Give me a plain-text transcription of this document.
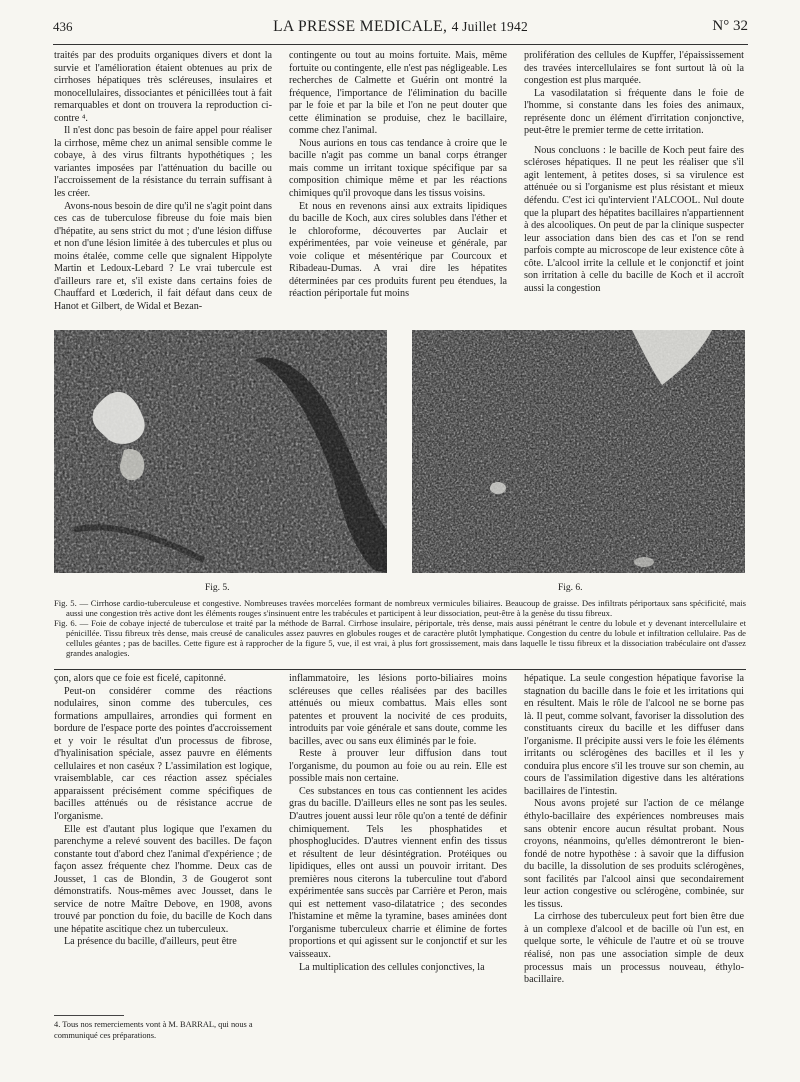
436	LA PRESSE MEDICALE, 4 Juillet 1942	N° 32

traités par des produits organiques divers et dont la survie et l'amélioration étaient obtenues au prix de cirrhoses hépatiques très scléreuses, insulaires et monocellulaires, dissociantes et pénicillées tout à fait remarquables et dont on trouvera la reproduction ci-contre ⁴.

Il n'est donc pas besoin de faire appel pour réaliser la cirrhose, même chez un animal sensible comme le cobaye, à des virus filtrants hypothétiques ; les variantes imposées par l'atténuation du bacille ou l'accroissement de la résistance du terrain suffisant à les créer.

Avons-nous besoin de dire qu'il ne s'agit point dans ces cas de tuberculose fibreuse du foie mais bien d'hépatite, au sens strict du mot ; d'une lésion diffuse et non d'une lésion limitée à des tubercules et plus ou moins étalée, comme celle que signalent Hippolyte Martin et Ledoux-Lebard ? Le vrai tubercule est d'ailleurs rare et, s'il existe dans certains foies de Chauffard et Lœderich, il fait défaut dans ceux de Hanot et Gilbert, de Widal et Bezan-

contingente ou tout au moins fortuite. Mais, même fortuite ou contingente, elle n'est pas négligeable. Les recherches de Calmette et Guérin ont montré la fréquence, l'importance de l'élimination du bacille par le foie et par la bile et l'on ne peut douter que cette élimination se produise, chez le bacillaire, comme chez l'animal.

Nous aurions en tous cas tendance à croire que le bacille n'agit pas comme un banal corps étranger mais comme un irritant toxique spécifique par sa composition chimique même et par les réactions chimiques qu'il provoque dans les tissus voisins.

Et nous en revenons ainsi aux extraits lipidiques du bacille de Koch, aux cires solubles dans l'éther et le chloroforme, découvertes par Auclair et expérimentées, par voie veineuse et générale, par voie colique et mésentérique par Courcoux et Ribadeau-Dumas. A vrai dire les hépatites déterminées par ces produits furent peu étendues, la réaction périportale fut moins

prolifération des cellules de Kupffer, l'épaississement des travées intercellulaires se font surtout là où la congestion est plus marquée.

La vasodilatation si fréquente dans le foie de l'homme, si constante dans les foies des animaux, représente donc un élément d'irritation conjonctive, peut-être le premier terme de cette irritation.

Nous concluons : le bacille de Koch peut faire des scléroses hépatiques. Il ne peut les réaliser que s'il agit lentement, à petites doses, si sa virulence est atténuée ou si l'organisme est plus résistant et mieux défendu. C'est ici qu'intervient l'ALCOOL. Nul doute que la plupart des hépatites bacillaires n'appartiennent à des alcooliques. On peut de par la clinique suspecter leur association dans bien des cas et l'on se rend parfois compte au microscope de leur existence côte à côte. L'alcool irrite la cellule et le conjonctif et joint son irritation à celle du bacille de Koch et il accroît aussi la congestion

Fig. 5.	Fig. 6.

Fig. 5. — Cirrhose cardio-tuberculeuse et congestive. Nombreuses travées morcelées formant de nombreux vermicules biliaires. Beaucoup de graisse. Des infiltrats périportaux sans spécificité, mais aussi une congestion très active dont les éléments rouges s'insinuent entre les trabécules et participent à leur dissociation, peut-être à la genèse du tissu fibreux.

Fig. 6. — Foie de cobaye injecté de tuberculose et traité par la méthode de Barral. Cirrhose insulaire, périportale, très dense, mais aussi pénétrant le centre du lobule et y devenant intercellulaire et pénicillée. Tissu fibreux très dense, mais creusé de canalicules assez pauvres en globules rouges et de caractère plutôt lymphatique. Congestion du centre du lobule et infiltration cellulaire. Pas de cellules géantes ; pas de bacilles. Cette figure est à rapprocher de la figure 5, vue, il est vrai, à plus fort grossissement, mais dans laquelle le tissu fibreux et la dissociation trabéculaire ont d'assez grandes analogies.

çon, alors que ce foie est ficelé, capitonné.

Peut-on considérer comme des réactions nodulaires, sinon comme des tubercules, ces formations ampullaires, arrondies qui forment en bordure de l'espace porte des pointes d'accroissement et y voir le résultat d'un processus de fibrose, d'hyalinisation spéciale, assez pauvre en éléments cellulaires et non caséux ? L'assimilation est logique, vraisemblable, car ces réaction assez spéciales apparaissent précisément comme spécifiques de bacilles atténués ou de résistance accrue de l'organisme.

Elle est d'autant plus logique que l'examen du parenchyme a relevé souvent des bacilles. De façon constante tout d'abord chez l'animal d'expérience ; de façon assez fréquente chez l'homme. Deux cas de Jousset, 1 cas de Blondin, 3 de Gougerot sont démonstratifs. Nous-mêmes avec Jousset, dans le service de notre Maître Debove, en 1908, avons trouvé par ponction du foie, du bacille de Koch dans une hépatite ascitique chez un tuberculeux.

La présence du bacille, d'ailleurs, peut être

4. Tous nos remerciements vont à M. BARRAL, qui nous a communiqué ces préparations.

inflammatoire, les lésions porto-biliaires moins scléreuses que celles réalisées par des bacilles atténués ou mieux combattus. Mais elles sont patentes et prouvent la nocivité de ces produits, introduits par voie générale et sans doute, comme les bacilles, avec ou sans eux éliminés par le foie.

Reste à prouver leur diffusion dans tout l'organisme, du poumon au foie ou au rein. Elle est possible mais non certaine.

Ces substances en tous cas contiennent les acides gras du bacille. D'ailleurs elles ne sont pas les seules. D'autres jouent aussi leur rôle qu'on a tenté de définir chimiquement. Tels les phosphatides et phosphoglucides. D'autres viennent enfin des tissus et résultent de leur désintégration. Protéiques ou lipidiques, elles ont aussi un pouvoir irritant. Des premières nous citerons la tuberculine tout d'abord expérimentée sans succès par Carrière et Peron, mais qui est nettement vaso-dilatatrice ; des secondes l'histamine et même la tyramine, bases aminées dont l'organisme tuberculeux charrie et élimine de fortes proportions et qui agissent sur le conjonctif et sur les vaisseaux.

La multiplication des cellules conjonctives, la

hépatique. La seule congestion hépatique favorise la stagnation du bacille dans le foie et les irritations qui en résultent. Mais le rôle de l'alcool ne se borne pas là. Il peut, comme solvant, favoriser la dissolution des constituants cireux du bacille et les diffuser dans l'organisme. Il précipite aussi vers le foie les éléments irritants ou sclérogènes des bacilles et il les y conduira plus encore s'il les trouve sur son chemin, au cours de l'assimilation digestive dans les altérations bacillaires de l'intestin.

Nous avons projeté sur l'action de ce mélange éthylo-bacillaire des expériences nombreuses mais sans obtenir encore aucun résultat probant. Nous croyons, néanmoins, qu'elles démontreront le bien-fondé de notre hypothèse : à savoir que la diffusion du bacille, la dissolution de ses produits sclérogènes, sont facilités par l'alcool ainsi que secondairement leur action congestive ou sclérogène, combinée, sur les tissus.

La cirrhose des tuberculeux peut fort bien être due à un complexe d'alcool et de bacille où l'un est, en quelque sorte, le véhicule de l'autre et où se trouve réalisé, non pas une association simple de deux processus mais un processus nouveau, éthylo-bacillaire.
